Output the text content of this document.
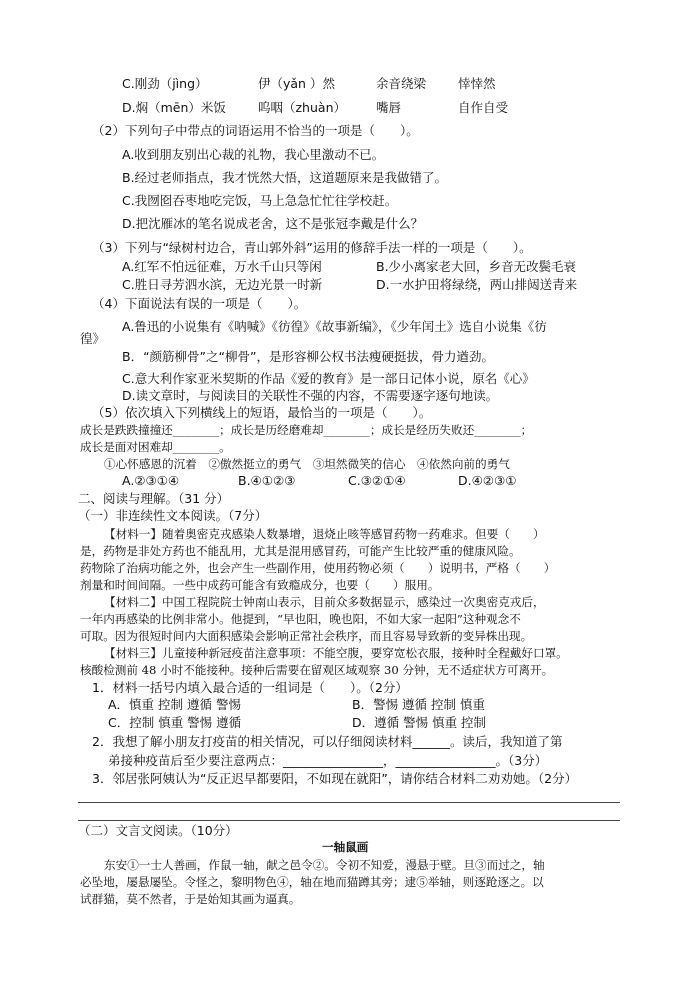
C.刚劲（jìng）	伊（yǎn ）然	余音绕梁	悻悻然
D.焖（mēn）米饭	呜咽（zhuàn） 嘴唇	自作自受
（2）下列句子中带点的词语运用不恰当的一项是（　　）。
A.收到朋友别出心裁的礼物，我心里激动不已。
B.经过老师指点，我才恍然大悟，这道题原来是我做错了。
C.我囫囵吞枣地吃完饭，马上急急忙忙往学校赶。
D.把沈雁冰的笔名说成老舍，这不是张冠李戴是什么？
（3）下列与“绿树村边合，青山郭外斜”运用的修辞手法一样的一项是（　　）。
A.红军不怕远征难，万水千山只等闲	B.少小离家老大回，乡音无改鬓毛衰
C.胜日寻芳泗水滨，无边光景一时新	D.一水护田将绿绕，两山排闼送青来
（4）下面说法有误的一项是（　　）。
A.鲁迅的小说集有《呐喊》《彷徨》《故事新编》，《少年闰土》选自小说集《彷
徨》
B．“颜筋柳骨”之“柳骨”，是形容柳公权书法瘦硬挺拔，骨力遒劲。
C.意大利作家亚米契斯的作品《爱的教育》是一部日记体小说，原名《心》
D.读文章时，与阅读目的关联性不强的内容，不需要逐字逐句地读。
（5）依次填入下列横线上的短语，最恰当的一项是（　　）。
成长是跌跌撞撞还________；成长是历经磨难却________；成长是经历失败还________；
成长是面对困难却________。
①心怀感恩的沉着　②傲然挺立的勇气　③坦然微笑的信心　④依然向前的勇气
A.②③①④	B.④①②③	C.③②①④	D.④②③①
二、阅读与理解。（31 分）
（一）非连续性文本阅读。（7分）
【材料一】随着奥密克戎感染人数暴增，退烧止咳等感冒药物一药难求。但要（　　）
是，药物是非处方药也不能乱用，尤其是混用感冒药，可能产生比较严重的健康风险。
药物除了治病功能之外，也会产生一些副作用，使用药物必须（　　）说明书，严格（　　）
剂量和时间间隔。一些中成药可能含有致瘾成分，也要（　　）服用。
【材料二】中国工程院院士钟南山表示，目前众多数据显示，感染过一次奥密克戎后，
一年内再感染的比例非常小。他提到，“早也阳，晚也阳，不如大家一起阳”这种观念不
可取。因为很短时间内大面积感染会影响正常社会秩序，而且容易导致新的变异株出现。
【材料三】儿童接种新冠疫苗注意事项：不能空腹，要穿宽松衣服，接种时全程戴好口罩。
核酸检测前 48 小时不能接种。接种后需要在留观区域观察 30 分钟，无不适症状方可离开。
1．材料一括号内填入最合适的一组词是（　　）。（2分）
A．慎重 控制 遵循 警惕	B．警惕 遵循 控制 慎重
C．控制 慎重 警惕 遵循	D．遵循 警惕 慎重 控制
2．我想了解小朋友打疫苗的相关情况，可以仔细阅读材料______。读后，我知道了第
弟接种疫苗后至少要注意两点：________________，________________。（3分）
3．邻居张阿姨认为“反正迟早都要阳，不如现在就阳”，请你结合材料二劝劝她。（2分）
（二）文言文阅读。（10分）
一轴鼠画
东安①一士人善画，作鼠一轴，献之邑令②。令初不知爱，漫悬于壁。旦③而过之，轴
必坠地，屡悬屡坠。令怪之，黎明物色④，轴在地而猫蹲其旁；逮⑤举轴，则逐跄逐之。以
试群猫，莫不然者，于是始知其画为逼真。
